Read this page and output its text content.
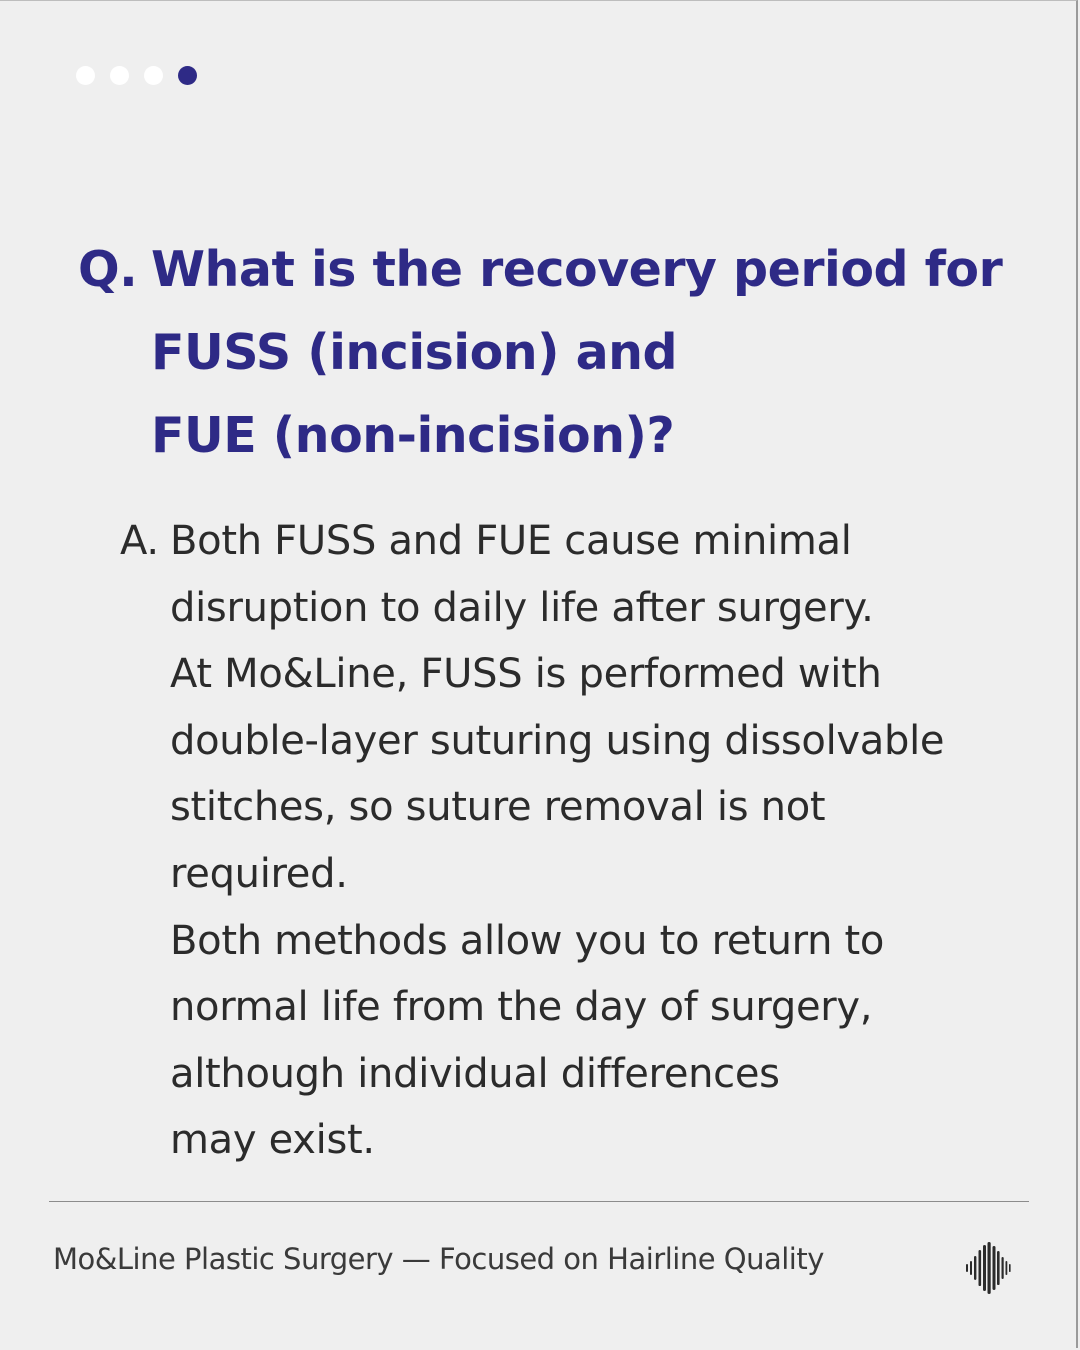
Q. What is the recovery period for
FUSS (incision) and
FUE (non-incision)?
A. Both FUSS and FUE cause minimal
disruption to daily life after surgery.
At Mo&Line, FUSS is performed with
double-layer suturing using dissolvable
stitches, so suture removal is not
required.
Both methods allow you to return to
normal life from the day of surgery,
although individual differences
may exist.
Mo&Line Plastic Surgery — Focused on Hairline Quality
